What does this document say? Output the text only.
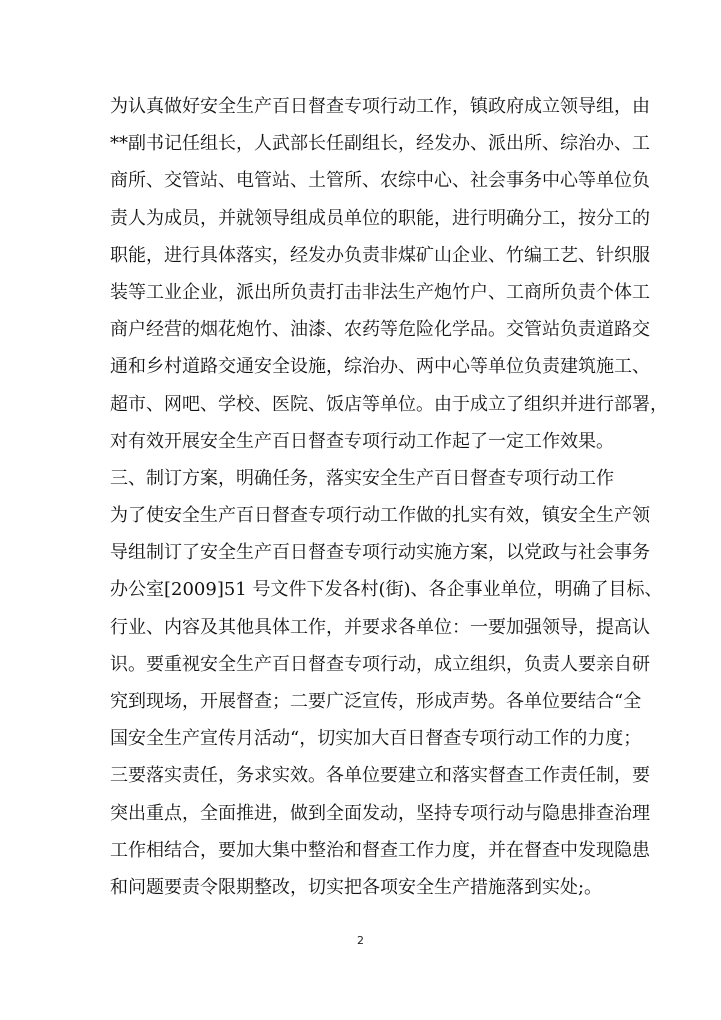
为认真做好安全生产百日督查专项行动工作，镇政府成立领导组，由
**副书记任组长，人武部长任副组长，经发办、派出所、综治办、工
商所、交管站、电管站、土管所、农综中心、社会事务中心等单位负
责人为成员，并就领导组成员单位的职能，进行明确分工，按分工的
职能，进行具体落实，经发办负责非煤矿山企业、竹编工艺、针织服
装等工业企业，派出所负责打击非法生产炮竹户、工商所负责个体工
商户经营的烟花炮竹、油漆、农药等危险化学品。交管站负责道路交
通和乡村道路交通安全设施，综治办、两中心等单位负责建筑施工、
超市、网吧、学校、医院、饭店等单位。由于成立了组织并进行部署，
对有效开展安全生产百日督查专项行动工作起了一定工作效果。
三、制订方案，明确任务，落实安全生产百日督查专项行动工作
为了使安全生产百日督查专项行动工作做的扎实有效，镇安全生产领
导组制订了安全生产百日督查专项行动实施方案，以党政与社会事务
办公室[2009]51 号文件下发各村(街)、各企事业单位，明确了目标、
行业、内容及其他具体工作，并要求各单位：一要加强领导，提高认
识。要重视安全生产百日督查专项行动，成立组织，负责人要亲自研
究到现场，开展督查；二要广泛宣传，形成声势。各单位要结合“全
国安全生产宣传月活动“，切实加大百日督查专项行动工作的力度；
三要落实责任，务求实效。各单位要建立和落实督查工作责任制，要
突出重点，全面推进，做到全面发动，坚持专项行动与隐患排查治理
工作相结合，要加大集中整治和督查工作力度，并在督查中发现隐患
和问题要责令限期整改，切实把各项安全生产措施落到实处;。
2
